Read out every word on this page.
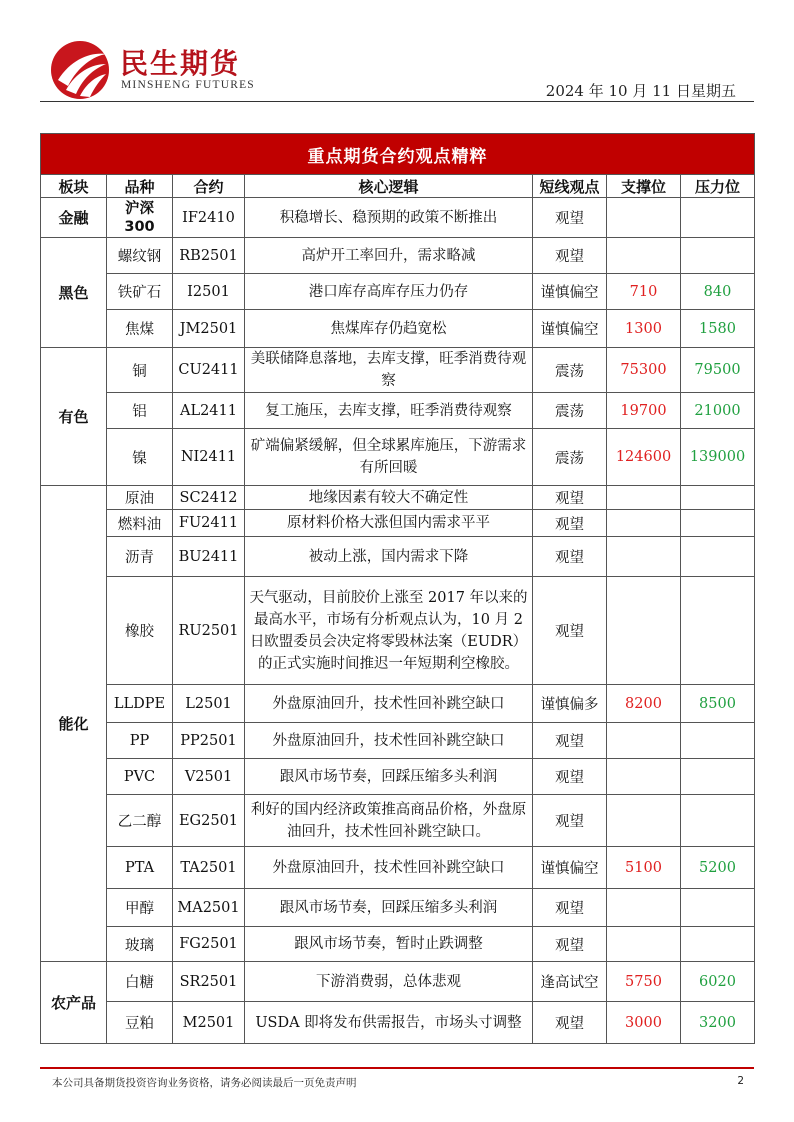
民生期货
MINSHENG FUTURES	2024 年 10 月 11 日星期五
重点期货合约观点精粹						
板块	品种	合约	核心逻辑	短线观点	支撑位	压力位
金融	沪深300	IF2410	积稳增长、稳预期的政策不断推出	观望		
黑色	螺纹钢	RB2501	高炉开工率回升，需求略减	观望		
	铁矿石	I2501	港口库存高库存压力仍存	谨慎偏空	710	840
	焦煤	JM2501	焦煤库存仍趋宽松	谨慎偏空	1300	1580
有色	铜	CU2411	美联储降息落地，去库支撑，旺季消费待观察	震荡	75300	79500
	铝	AL2411	复工施压，去库支撑，旺季消费待观察	震荡	19700	21000
	镍	NI2411	矿端偏紧缓解，但全球累库施压，下游需求有所回暖	震荡	124600	139000
能化	原油	SC2412	地缘因素有较大不确定性	观望		
	燃料油	FU2411	原材料价格大涨但国内需求平平	观望		
	沥青	BU2411	被动上涨，国内需求下降	观望		
	橡胶	RU2501	天气驱动，目前胶价上涨至 2017 年以来的最高水平，市场有分析观点认为，10 月 2 日欧盟委员会决定将零毁林法案（EUDR）的正式实施时间推迟一年短期利空橡胶。	观望		
	LLDPE	L2501	外盘原油回升，技术性回补跳空缺口	谨慎偏多	8200	8500
	PP	PP2501	外盘原油回升，技术性回补跳空缺口	观望		
	PVC	V2501	跟风市场节奏，回踩压缩多头利润	观望		
	乙二醇	EG2501	利好的国内经济政策推高商品价格，外盘原油回升，技术性回补跳空缺口。	观望		
	PTA	TA2501	外盘原油回升，技术性回补跳空缺口	谨慎偏空	5100	5200
	甲醇	MA2501	跟风市场节奏，回踩压缩多头利润	观望		
	玻璃	FG2501	跟风市场节奏，暂时止跌调整	观望		
农产品	白糖	SR2501	下游消费弱，总体悲观	逢高试空	5750	6020
	豆粕	M2501	USDA 即将发布供需报告，市场头寸调整	观望	3000	3200
本公司具备期货投资咨询业务资格，请务必阅读最后一页免责声明	2
